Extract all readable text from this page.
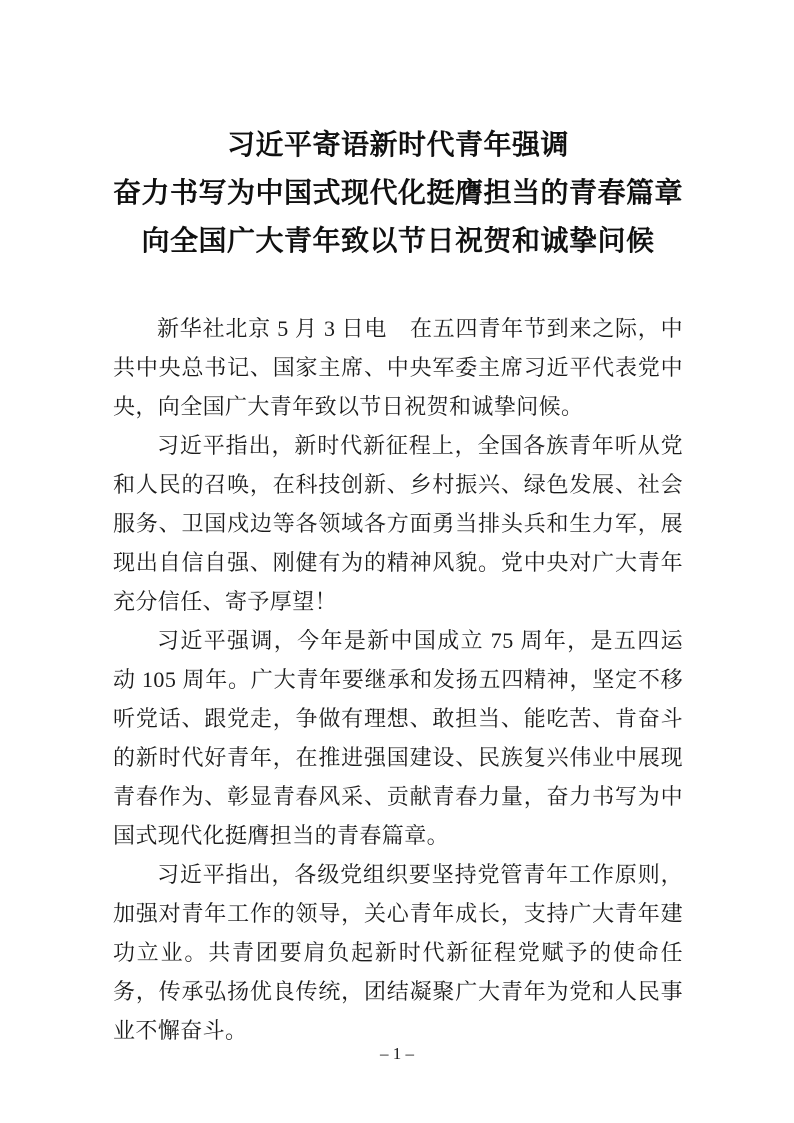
习近平寄语新时代青年强调
奋力书写为中国式现代化挺膺担当的青春篇章
向全国广大青年致以节日祝贺和诚挚问候

新华社北京 5 月 3 日电　在五四青年节到来之际，中共中央总书记、国家主席、中央军委主席习近平代表党中央，向全国广大青年致以节日祝贺和诚挚问候。

习近平指出，新时代新征程上，全国各族青年听从党和人民的召唤，在科技创新、乡村振兴、绿色发展、社会服务、卫国戍边等各领域各方面勇当排头兵和生力军，展现出自信自强、刚健有为的精神风貌。党中央对广大青年充分信任、寄予厚望！

习近平强调，今年是新中国成立 75 周年，是五四运动 105 周年。广大青年要继承和发扬五四精神，坚定不移听党话、跟党走，争做有理想、敢担当、能吃苦、肯奋斗的新时代好青年，在推进强国建设、民族复兴伟业中展现青春作为、彰显青春风采、贡献青春力量，奋力书写为中国式现代化挺膺担当的青春篇章。

习近平指出，各级党组织要坚持党管青年工作原则，加强对青年工作的领导，关心青年成长，支持广大青年建功立业。共青团要肩负起新时代新征程党赋予的使命任务，传承弘扬优良传统，团结凝聚广大青年为党和人民事业不懈奋斗。

– 1 –
